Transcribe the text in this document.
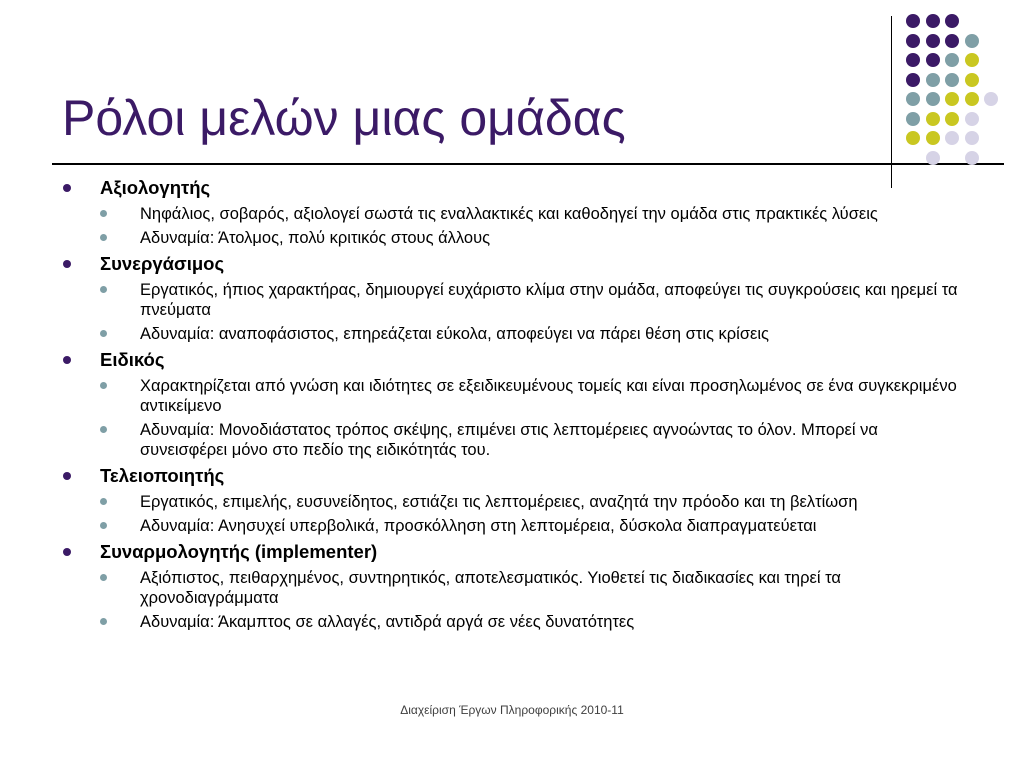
Ρόλοι μελών μιας ομάδας
Αξιολογητής
Νηφάλιος, σοβαρός, αξιολογεί σωστά τις εναλλακτικές και καθοδηγεί την ομάδα στις πρακτικές λύσεις
Αδυναμία: Άτολμος, πολύ κριτικός στους άλλους
Συνεργάσιμος
Εργατικός, ήπιος χαρακτήρας, δημιουργεί ευχάριστο κλίμα στην ομάδα, αποφεύγει τις συγκρούσεις και ηρεμεί τα πνεύματα
Αδυναμία: αναποφάσιστος, επηρεάζεται εύκολα, αποφεύγει να πάρει θέση στις κρίσεις
Ειδικός
Χαρακτηρίζεται από γνώση και ιδιότητες σε εξειδικευμένους τομείς και είναι προσηλωμένος σε ένα συγκεκριμένο αντικείμενο
Αδυναμία: Μονοδιάστατος τρόπος σκέψης, επιμένει στις λεπτομέρειες αγνοώντας το όλον. Μπορεί να συνεισφέρει μόνο στο πεδίο της ειδικότητάς του.
Τελειοποιητής
Εργατικός, επιμελής, ευσυνείδητος, εστιάζει τις λεπτομέρειες, αναζητά την πρόοδο και τη βελτίωση
Αδυναμία: Ανησυχεί υπερβολικά, προσκόλληση στη λεπτομέρεια, δύσκολα διαπραγματεύεται
Συναρμολογητής (implementer)
Αξιόπιστος, πειθαρχημένος, συντηρητικός, αποτελεσματικός. Υιοθετεί τις διαδικασίες και τηρεί τα χρονοδιαγράμματα
Αδυναμία: Άκαμπτος σε αλλαγές, αντιδρά αργά σε νέες δυνατότητες
Διαχείριση Έργων Πληροφορικής 2010-11
